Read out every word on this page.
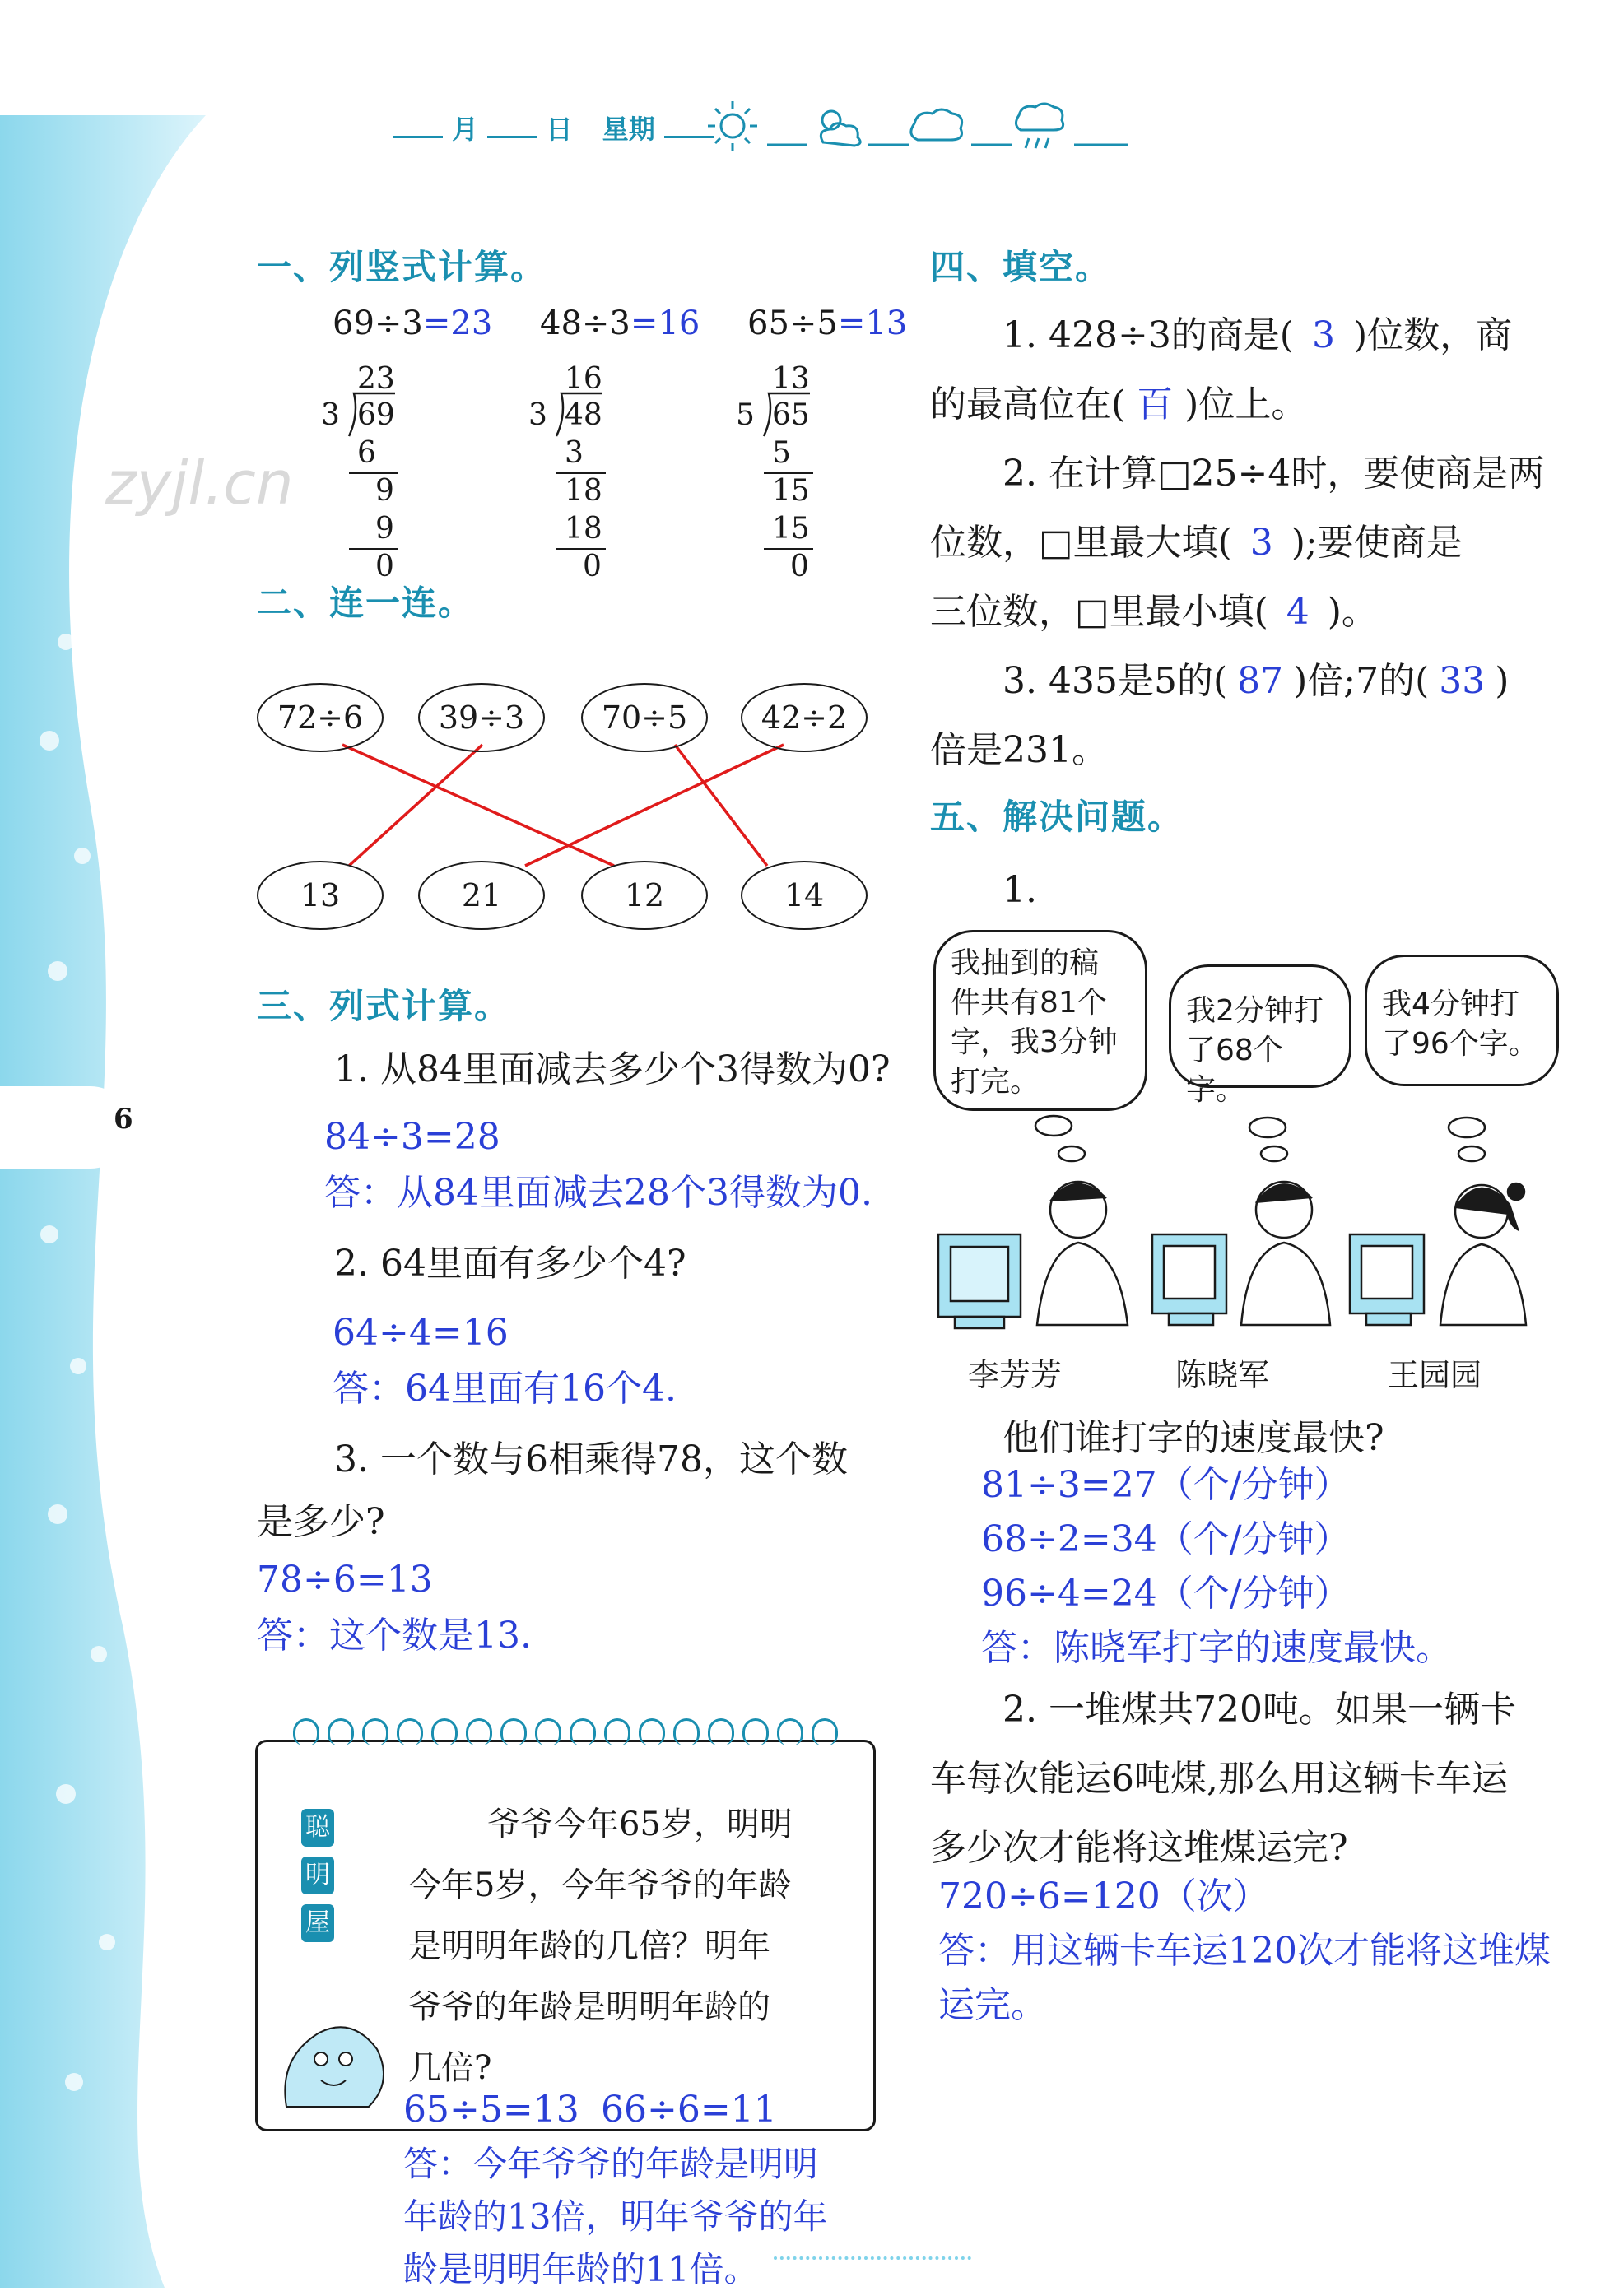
6
zyjl.cn
月	日 星期
一、列竖式计算。
69÷3=23
23
3 69
6
9
9
0
48÷3=16
16
3 48
3
18
18
0
65÷5=13
13
5 65
5
15
15
0
二、连一连。
72÷6	39÷3	70÷5	42÷2
13	21	12	14
三、列式计算。
1. 从84里面减去多少个3得数为0?
84÷3=28
答：从84里面减去28个3得数为0.
2. 64里面有多少个4?
64÷4=16
答：64里面有16个4.
3. 一个数与6相乘得78，这个数
是多少?
78÷6=13
答：这个数是13.
聪
明
屋
爷爷今年65岁，明明
今年5岁，今年爷爷的年龄
是明明年龄的几倍？明年
爷爷的年龄是明明年龄的
几倍?
65÷5=13 66÷6=11
答：今年爷爷的年龄是明明
年龄的13倍，明年爷爷的年
龄是明明年龄的11倍。
四、填空。
1. 428÷3的商是( 3 )位数，商
的最高位在( 百 )位上。
2. 在计算□25÷4时，要使商是两
位数，□里最大填( 3 );要使商是
三位数，□里最小填( 4 )。
3. 435是5的( 87 )倍;7的( 33 )
倍是231。
五、解决问题。
1.
我抽到的稿
件共有81个
字，我3分钟
打完。
我2分钟打
了68个字。
我4分钟打
了96个字。
李芳芳	陈晓军	王园园
他们谁打字的速度最快?
81÷3=27（个/分钟）
68÷2=34（个/分钟）
96÷4=24（个/分钟）
答：陈晓军打字的速度最快。
2. 一堆煤共720吨。如果一辆卡
车每次能运6吨煤,那么用这辆卡车运
多少次才能将这堆煤运完?
720÷6=120（次）
答：用这辆卡车运120次才能将这堆煤
运完。
